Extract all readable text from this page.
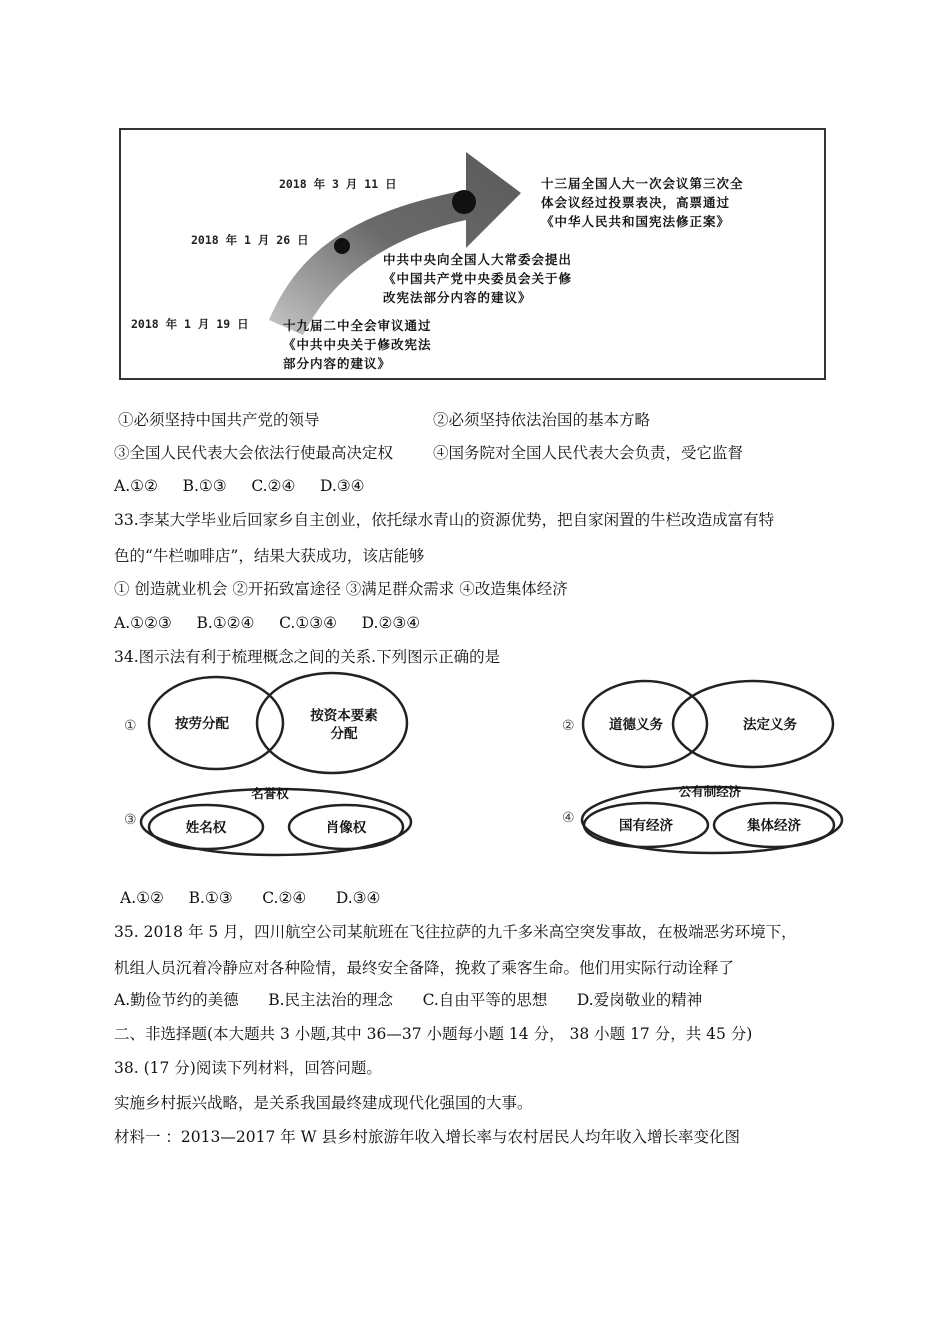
2018 年 3 月 11 日
2018 年 1 月 26 日
2018 年 1 月 19 日
十三届全国人大一次会议第三次全
体会议经过投票表决，高票通过
《中华人民共和国宪法修正案》
中共中央向全国人大常委会提出
《中国共产党中央委员会关于修
改宪法部分内容的建议》
十九届二中全会审议通过
《中共中央关于修改宪法
部分内容的建议》
①必须坚持中国共产党的领导	②必须坚持依法治国的基本方略
③全国人民代表大会依法行使最高决定权	④国务院对全国人民代表大会负责，受它监督
A.①② B.①③ C.②④ D.③④
33.李某大学毕业后回家乡自主创业，依托绿水青山的资源优势，把自家闲置的牛栏改造成富有特
色的“牛栏咖啡店”，结果大获成功，该店能够
① 创造就业机会 ②开拓致富途径 ③满足群众需求 ④改造集体经济
A.①②③ B.①②④ C.①③④ D.②③④
34.图示法有利于梳理概念之间的关系.下列图示正确的是
①	按劳分配	按资本要素
分配	②	道德义务	法定义务
③
名誉权
姓名权	肖像权
④
公有制经济
国有经济	集体经济
A.①② B.①③ C.②④ D.③④
35. 2018 年 5 月，四川航空公司某航班在飞往拉萨的九千多米高空突发事故，在极端恶劣环境下，
机组人员沉着冷静应对各种险情，最终安全备降，挽救了乘客生命。他们用实际行动诠释了
A.勤俭节约的美德 B.民主法治的理念 C.自由平等的思想 D.爱岗敬业的精神
二、非选择题(本大题共 3 小题,其中 36—37 小题每小题 14 分， 38 小题 17 分，共 45 分)
38. (17 分)阅读下列材料，回答问题。
实施乡村振兴战略，是关系我国最终建成现代化强国的大事。
材料一 ：2013—2017 年 W 县乡村旅游年收入增长率与农村居民人均年收入增长率变化图
